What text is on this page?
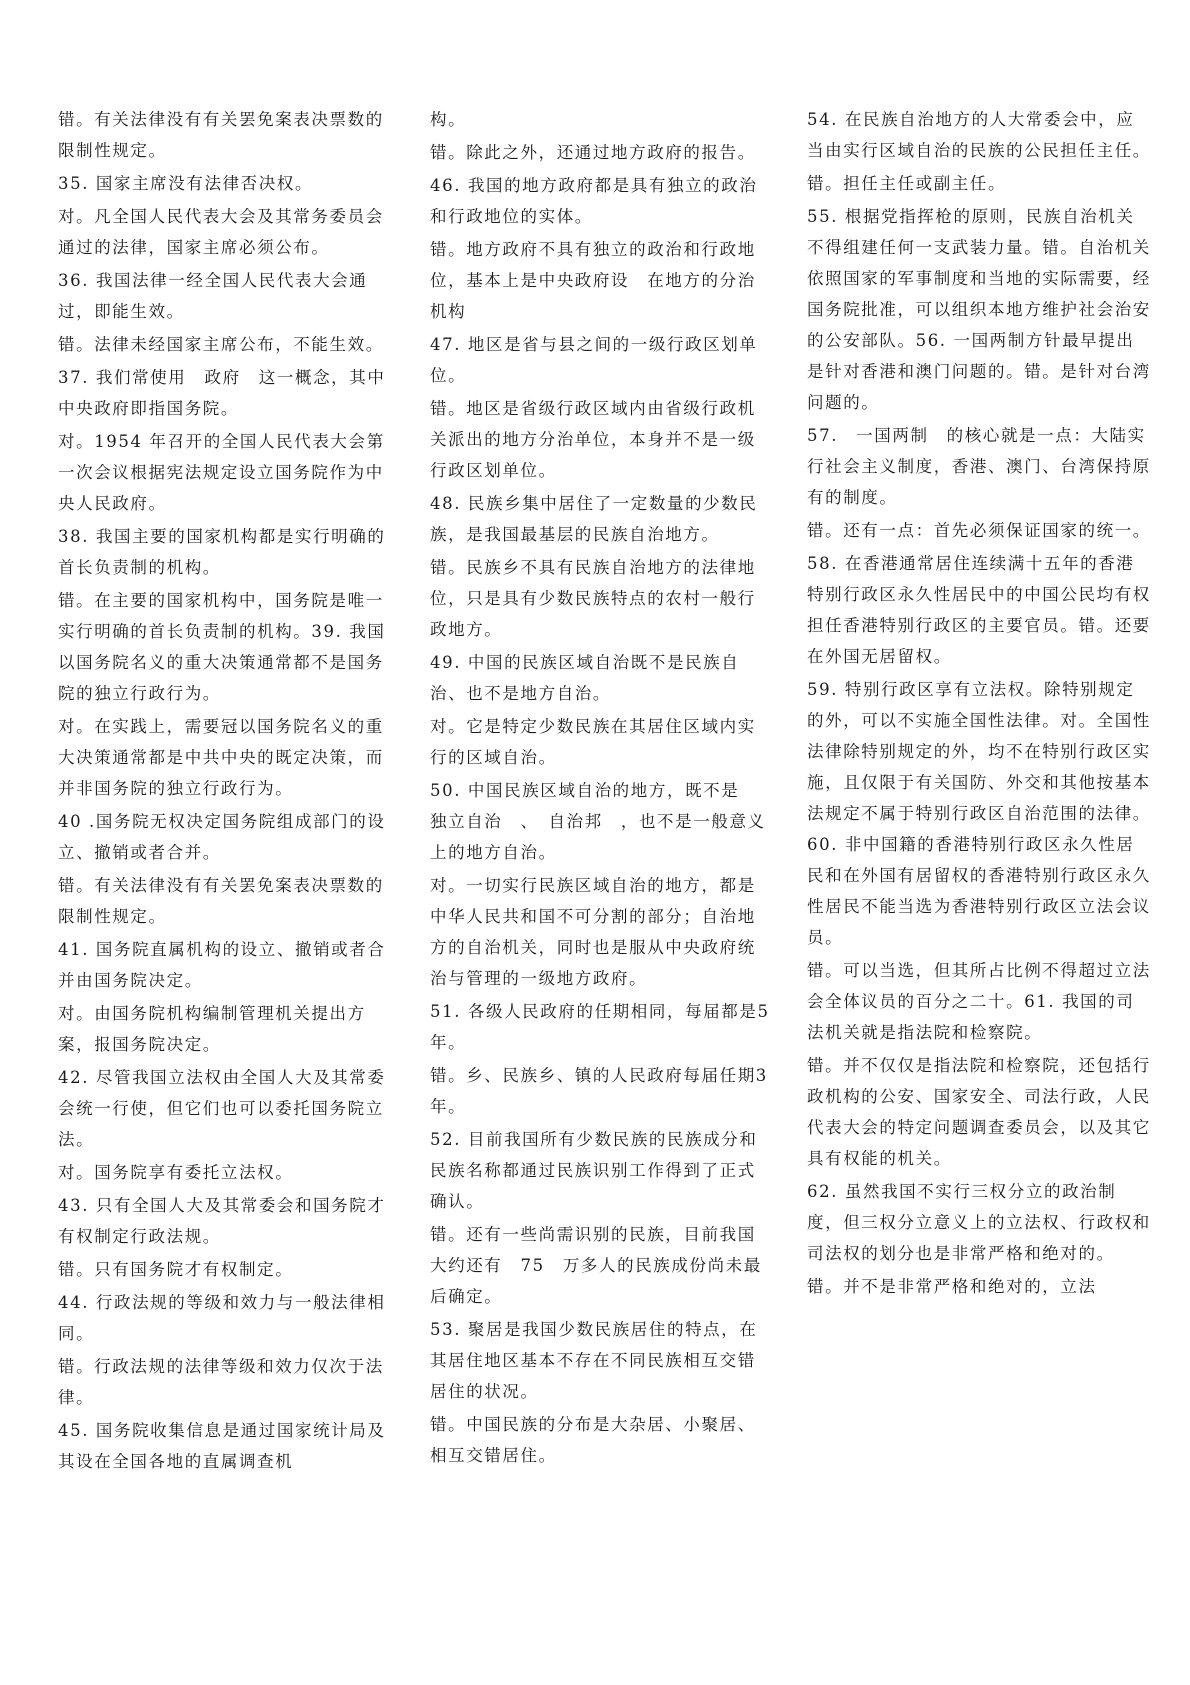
错。有关法律没有有关罢免案表决票数的限制性规定。

35. 国家主席没有法律否决权。

对。凡全国人民代表大会及其常务委员会通过的法律，国家主席必须公布。

36. 我国法律一经全国人民代表大会通过，即能生效。

错。法律未经国家主席公布，不能生效。

37. 我们常使用　政府　这一概念，其中中央政府即指国务院。

对。1954 年召开的全国人民代表大会第一次会议根据宪法规定设立国务院作为中央人民政府。

38. 我国主要的国家机构都是实行明确的首长负责制的机构。

错。在主要的国家机构中，国务院是唯一实行明确的首长负责制的机构。39. 我国以国务院名义的重大决策通常都不是国务院的独立行政行为。

对。在实践上，需要冠以国务院名义的重大决策通常都是中共中央的既定决策，而并非国务院的独立行政行为。

40 .国务院无权决定国务院组成部门的设立、撤销或者合并。

错。有关法律没有有关罢免案表决票数的限制性规定。

41. 国务院直属机构的设立、撤销或者合并由国务院决定。

对。由国务院机构编制管理机关提出方案，报国务院决定。

42. 尽管我国立法权由全国人大及其常委会统一行使，但它们也可以委托国务院立法。

对。国务院享有委托立法权。

43. 只有全国人大及其常委会和国务院才有权制定行政法规。

错。只有国务院才有权制定。

44. 行政法规的等级和效力与一般法律相同。

错。行政法规的法律等级和效力仅次于法律。

45. 国务院收集信息是通过国家统计局及其设在全国各地的直属调查机

构。

错。除此之外，还通过地方政府的报告。

46. 我国的地方政府都是具有独立的政治和行政地位的实体。

错。地方政府不具有独立的政治和行政地位，基本上是中央政府设　在地方的分治机构

47. 地区是省与县之间的一级行政区划单位。

错。地区是省级行政区域内由省级行政机关派出的地方分治单位，本身并不是一级行政区划单位。

48. 民族乡集中居住了一定数量的少数民族，是我国最基层的民族自治地方。

错。民族乡不具有民族自治地方的法律地位，只是具有少数民族特点的农村一般行政地方。

49. 中国的民族区域自治既不是民族自治、也不是地方自治。

对。它是特定少数民族在其居住区域内实行的区域自治。

50. 中国民族区域自治的地方，既不是　独立自治　、　自治邦　，也不是一般意义上的地方自治。

对。一切实行民族区域自治的地方，都是中华人民共和国不可分割的部分；自治地方的自治机关，同时也是服从中央政府统治与管理的一级地方政府。

51. 各级人民政府的任期相同，每届都是5年。

错。乡、民族乡、镇的人民政府每届任期3年。

52. 目前我国所有少数民族的民族成分和民族名称都通过民族识别工作得到了正式确认。

错。还有一些尚需识别的民族，目前我国大约还有　75　万多人的民族成份尚未最后确定。

53. 聚居是我国少数民族居住的特点，在其居住地区基本不存在不同民族相互交错居住的状况。

错。中国民族的分布是大杂居、小聚居、相互交错居住。

54. 在民族自治地方的人大常委会中，应当由实行区域自治的民族的公民担任主任。

错。担任主任或副主任。

55. 根据党指挥枪的原则，民族自治机关不得组建任何一支武装力量。错。自治机关依照国家的军事制度和当地的实际需要，经国务院批准，可以组织本地方维护社会治安的公安部队。56. 一国两制方针最早提出是针对香港和澳门问题的。错。是针对台湾问题的。

57.　一国两制　的核心就是一点：大陆实行社会主义制度，香港、澳门、台湾保持原有的制度。

错。还有一点：首先必须保证国家的统一。

58. 在香港通常居住连续满十五年的香港特别行政区永久性居民中的中国公民均有权担任香港特别行政区的主要官员。错。还要在外国无居留权。

59. 特别行政区享有立法权。除特别规定的外，可以不实施全国性法律。对。全国性法律除特别规定的外，均不在特别行政区实施，且仅限于有关国防、外交和其他按基本法规定不属于特别行政区自治范围的法律。60. 非中国籍的香港特别行政区永久性居民和在外国有居留权的香港特别行政区永久性居民不能当选为香港特别行政区立法会议员。

错。可以当选，但其所占比例不得超过立法会全体议员的百分之二十。61. 我国的司法机关就是指法院和检察院。

错。并不仅仅是指法院和检察院，还包括行政机构的公安、国家安全、司法行政，人民代表大会的特定问题调查委员会，以及其它具有权能的机关。

62. 虽然我国不实行三权分立的政治制度，但三权分立意义上的立法权、行政权和司法权的划分也是非常严格和绝对的。

错。并不是非常严格和绝对的，立法
